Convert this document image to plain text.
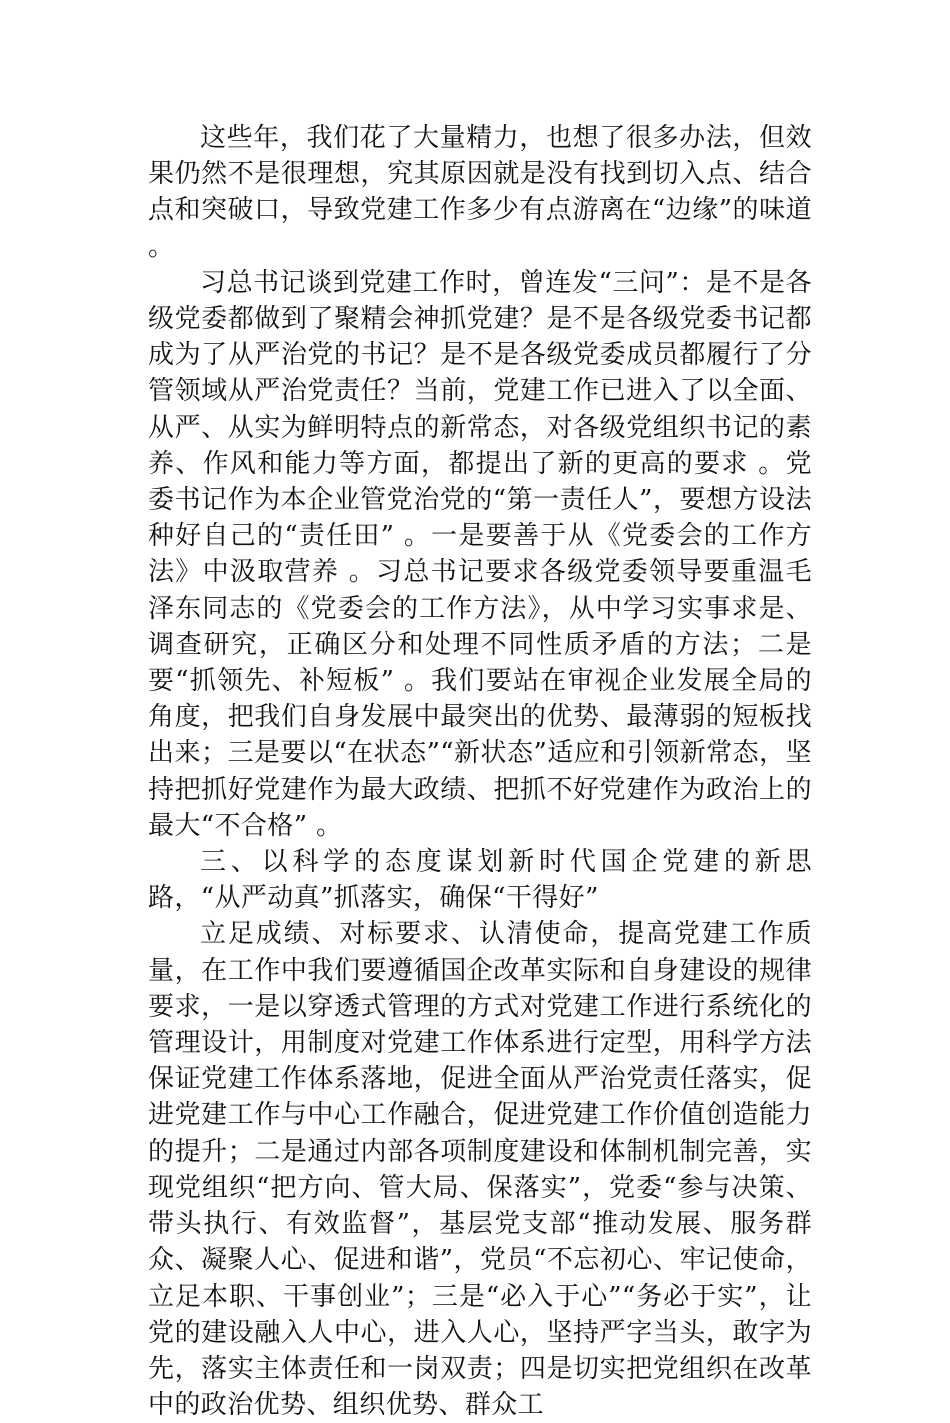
这些年，我们花了大量精力，也想了很多办法，但效果仍然不是很理想，究其原因就是没有找到切入点、结合点和突破口，导致党建工作多少有点游离在“边缘”的味道 。

习总书记谈到党建工作时，曾连发“三问”：是不是各级党委都做到了聚精会神抓党建？是不是各级党委书记都成为了从严治党的书记？是不是各级党委成员都履行了分管领域从严治党责任？当前，党建工作已进入了以全面、从严、从实为鲜明特点的新常态，对各级党组织书记的素养、作风和能力等方面，都提出了新的更高的要求 。党委书记作为本企业管党治党的“第一责任人”，要想方设法种好自己的“责任田” 。一是要善于从《党委会的工作方法》中汲取营养 。习总书记要求各级党委领导要重温毛泽东同志的《党委会的工作方法》，从中学习实事求是、调查研究，正确区分和处理不同性质矛盾的方法；二是要“抓领先、补短板” 。我们要站在审视企业发展全局的角度，把我们自身发展中最突出的优势、最薄弱的短板找出来；三是要以“在状态”“新状态”适应和引领新常态，坚持把抓好党建作为最大政绩、把抓不好党建作为政治上的最大“不合格” 。

三、以科学的态度谋划新时代国企党建的新思路，“从严动真”抓落实，确保“干得好”

立足成绩、对标要求、认清使命，提高党建工作质量，在工作中我们要遵循国企改革实际和自身建设的规律要求，一是以穿透式管理的方式对党建工作进行系统化的管理设计，用制度对党建工作体系进行定型，用科学方法保证党建工作体系落地，促进全面从严治党责任落实，促进党建工作与中心工作融合，促进党建工作价值创造能力的提升；二是通过内部各项制度建设和体制机制完善，实现党组织“把方向、管大局、保落实”，党委“参与决策、带头执行、有效监督”，基层党支部“推动发展、服务群众、凝聚人心、促进和谐”，党员“不忘初心、牢记使命，立足本职、干事创业”；三是“必入于心”“务必于实”，让党的建设融入人中心，进入人心，坚持严字当头，敢字为先，落实主体责任和一岗双责；四是切实把党组织在改革中的政治优势、组织优势、群众工
